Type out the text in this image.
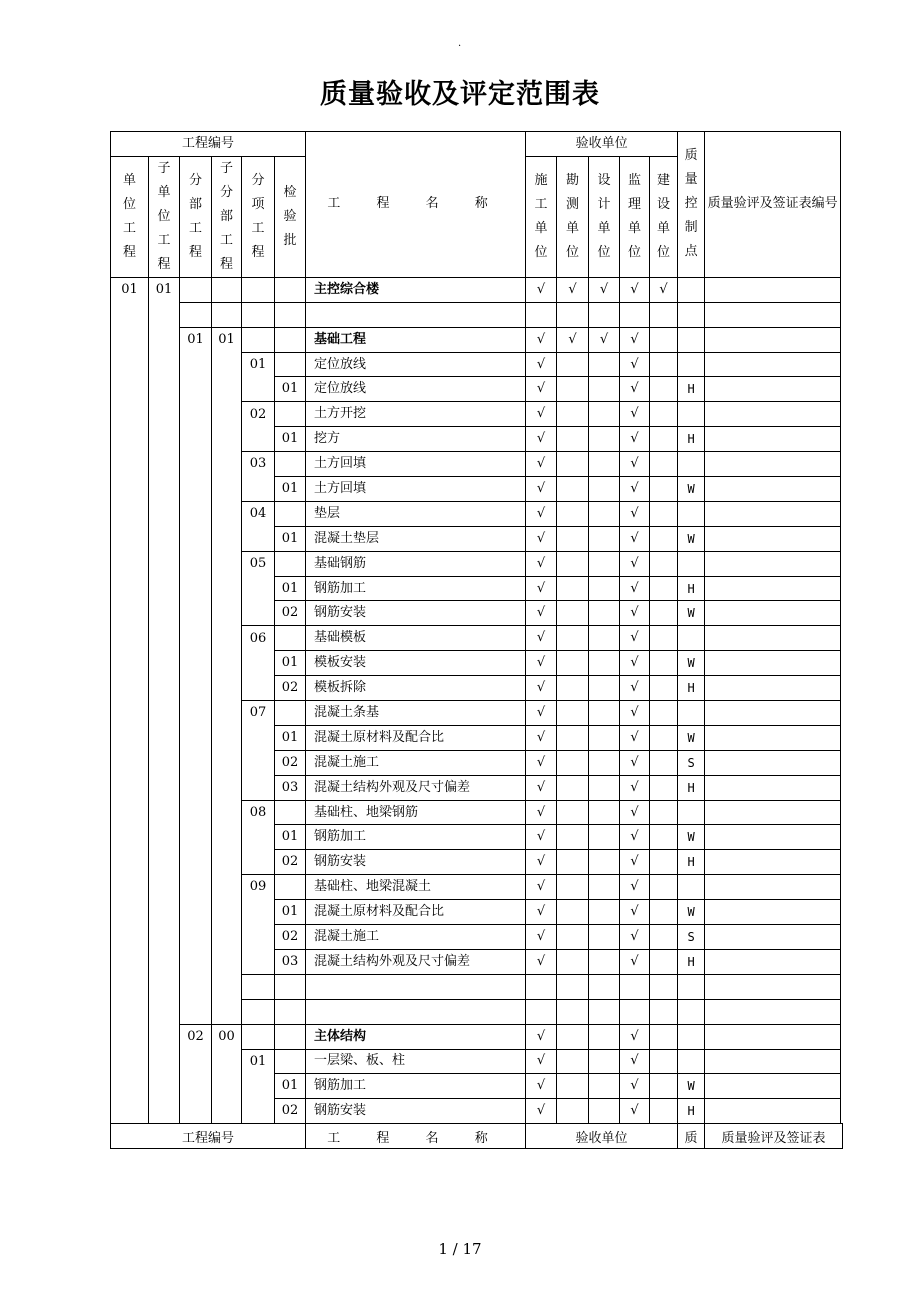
.
质量验收及评定范围表
工程编号						工 程 名 称	验收单位					质量控制点	质量验评及签证表编号
单位工程	子单位工程	分部工程	子分部工程	分项工程	检验批		施工单位	勘测单位	设计单位	监理单位	建设单位		
01	01					主控综合楼	√	√	√	√	√		

		01	01			基础工程	√	√	√	√			
				01		定位放线	√			√			
					01	定位放线	√			√		H	
				02		土方开挖	√			√			
					01	挖方	√			√		H	
				03		土方回填	√			√			
					01	土方回填	√			√		W	
				04		垫层	√			√			
					01	混凝土垫层	√			√		W	
				05		基础钢筋	√			√			
					01	钢筋加工	√			√		H	
					02	钢筋安装	√			√		W	
				06		基础模板	√			√			
					01	模板安装	√			√		W	
					02	模板拆除	√			√		H	
				07		混凝土条基	√			√			
					01	混凝土原材料及配合比	√			√		W	
					02	混凝土施工	√			√		S	
					03	混凝土结构外观及尺寸偏差	√			√		H	
				08		基础柱、地梁钢筋	√			√			
					01	钢筋加工	√			√		W	
					02	钢筋安装	√			√		H	
				09		基础柱、地梁混凝土	√			√			
					01	混凝土原材料及配合比	√			√		W	
					02	混凝土施工	√			√		S	
					03	混凝土结构外观及尺寸偏差	√			√		H	

		02	00			主体结构	√			√			
				01		一层梁、板、柱	√			√			
					01	钢筋加工	√			√		W	
					02	钢筋安装	√			√		H	
工程编号	工 程 名 称	验收单位	质	质量验评及签证表
1 / 17
